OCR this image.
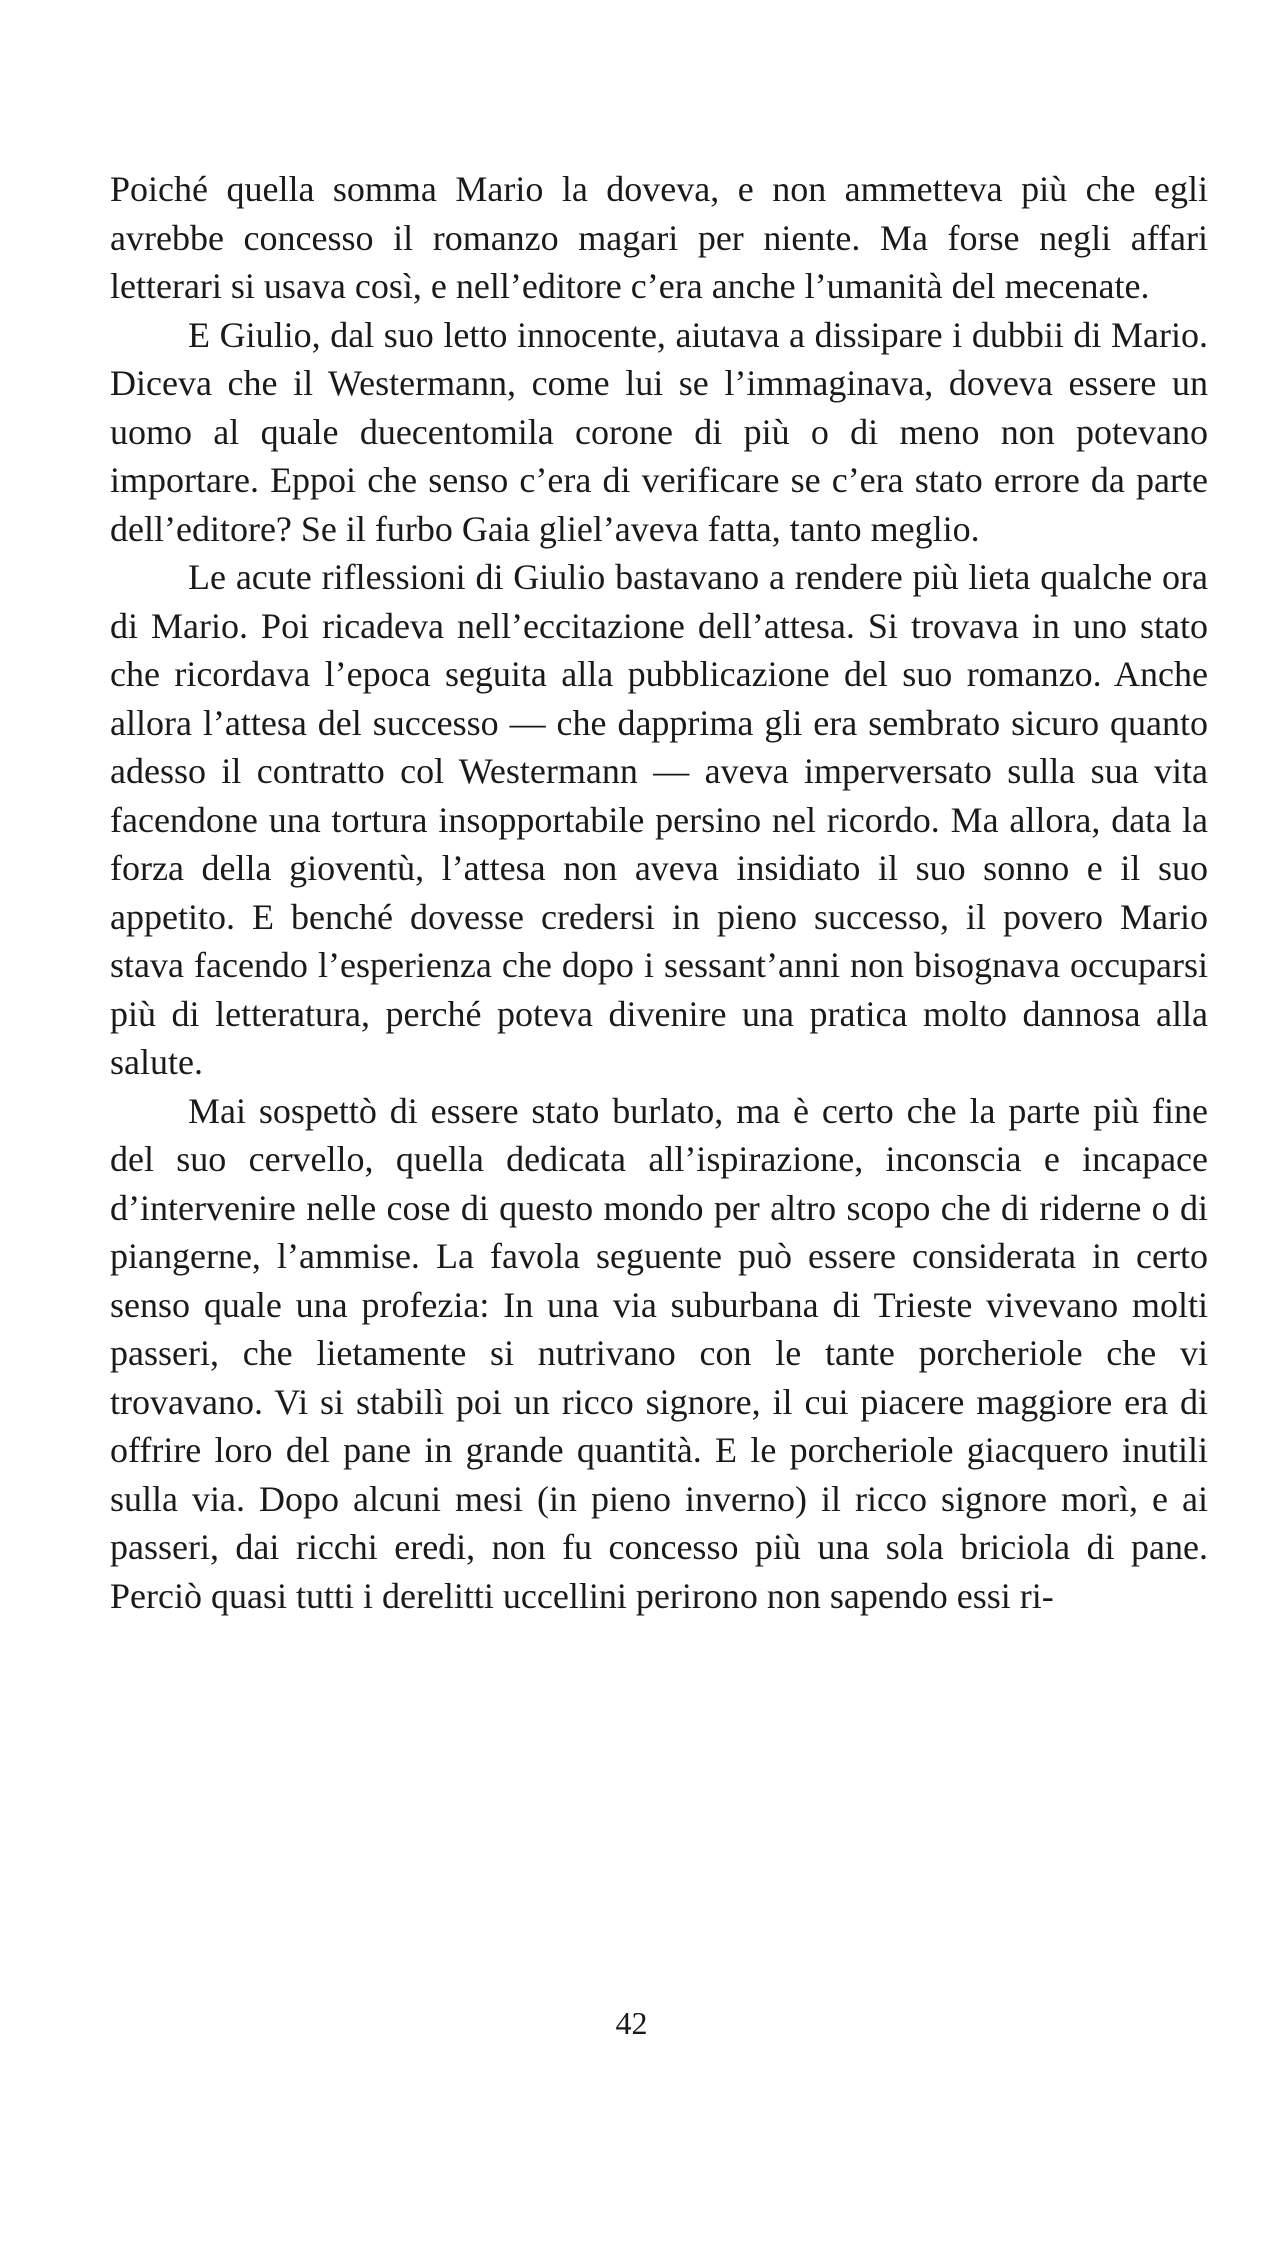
Poiché quella somma Mario la doveva, e non ammetteva più che egli avrebbe concesso il romanzo magari per niente. Ma forse negli affari letterari si usava così, e nell’editore c’era anche l’umanità del mecenate.

E Giulio, dal suo letto innocente, aiutava a dissipare i dubbii di Mario. Diceva che il Westermann, come lui se l’immaginava, doveva essere un uomo al quale duecentomila corone di più o di meno non potevano importare. Eppoi che senso c’era di verificare se c’era stato errore da parte dell’editore? Se il furbo Gaia gliel’aveva fatta, tanto meglio.

Le acute riflessioni di Giulio bastavano a rendere più lieta qualche ora di Mario. Poi ricadeva nell’eccitazione dell’attesa. Si trovava in uno stato che ricordava l’epoca seguita alla pubblicazione del suo romanzo. Anche allora l’attesa del successo — che dapprima gli era sembrato sicuro quanto adesso il contratto col Westermann — aveva imperversato sulla sua vita facendone una tortura insopportabile persino nel ricordo. Ma allora, data la forza della gioventù, l’attesa non aveva insidiato il suo sonno e il suo appetito. E benché dovesse credersi in pieno successo, il povero Mario stava facendo l’esperienza che dopo i sessant’anni non bisognava occuparsi più di letteratura, perché poteva divenire una pratica molto dannosa alla salute.

Mai sospettò di essere stato burlato, ma è certo che la parte più fine del suo cervello, quella dedicata all’ispirazione, inconscia e incapace d’intervenire nelle cose di questo mondo per altro scopo che di riderne o di piangerne, l’ammise. La favola seguente può essere considerata in certo senso quale una profezia: In una via suburbana di Trieste vivevano molti passeri, che lietamente si nutrivano con le tante porcheriole che vi trovavano. Vi si stabilì poi un ricco signore, il cui piacere maggiore era di offrire loro del pane in grande quantità. E le porcheriole giacquero inutili sulla via. Dopo alcuni mesi (in pieno inverno) il ricco signore morì, e ai passeri, dai ricchi eredi, non fu concesso più una sola briciola di pane. Perciò quasi tutti i derelitti uccellini perirono non sapendo essi ri-

42
